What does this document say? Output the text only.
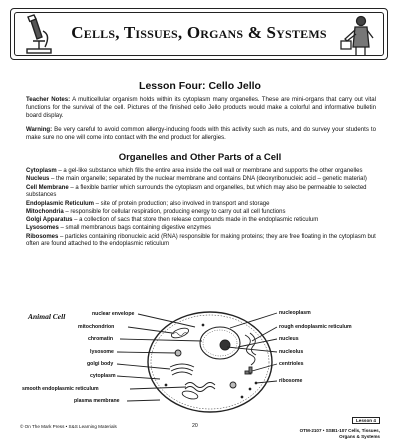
Cells, Tissues, Organs & Systems
Lesson Four: Cello Jello
Teacher Notes: A multicellular organism holds within its cytoplasm many organelles. These are mini-organs that carry out vital functions for the survival of the cell. Pictures of the finished cello Jello products would make a colorful and informative bulletin board display.
Warning: Be very careful to avoid common allergy-inducing foods with this activity such as nuts, and do survey your students to make sure no one will come into contact with the end product for allergies.
Organelles and Other Parts of a Cell
Cytoplasm – a gel-like substance which fills the entire area inside the cell wall or membrane and supports the other organelles
Nucleus – the main organelle; separated by the nuclear membrane and contains DNA (deoxyribonucleic acid – genetic material)
Cell Membrane – a flexible barrier which surrounds the cytoplasm and organelles, but which may also be permeable to selected substances
Endoplasmic Reticulum – site of protein production; also involved in transport and storage
Mitochondria – responsible for cellular respiration, producing energy to carry out all cell functions
Golgi Apparatus – a collection of sacs that store then release compounds made in the endoplasmic reticulum
Lysosomes – small membranous bags containing digestive enzymes
Ribosomes – particles containing ribonucleic acid (RNA) responsible for making proteins; they are free floating in the cytoplasm but often are found attached to the endoplasmic reticulum
Animal Cell	nuclear envelope
mitochondrion
chromatin
lysosome
golgi body
cytoplasm
smooth endoplasmic reticulum
plasma membrane
nucleoplasm
rough endoplasmic reticulum
nucleus
nucleolus
centrioles
ribosome
© On The Mark Press • S&S Learning Materials	20
Lesson 4
OTM-2107 • SSB1-107 Cells, Tissues, Organs & Systems
